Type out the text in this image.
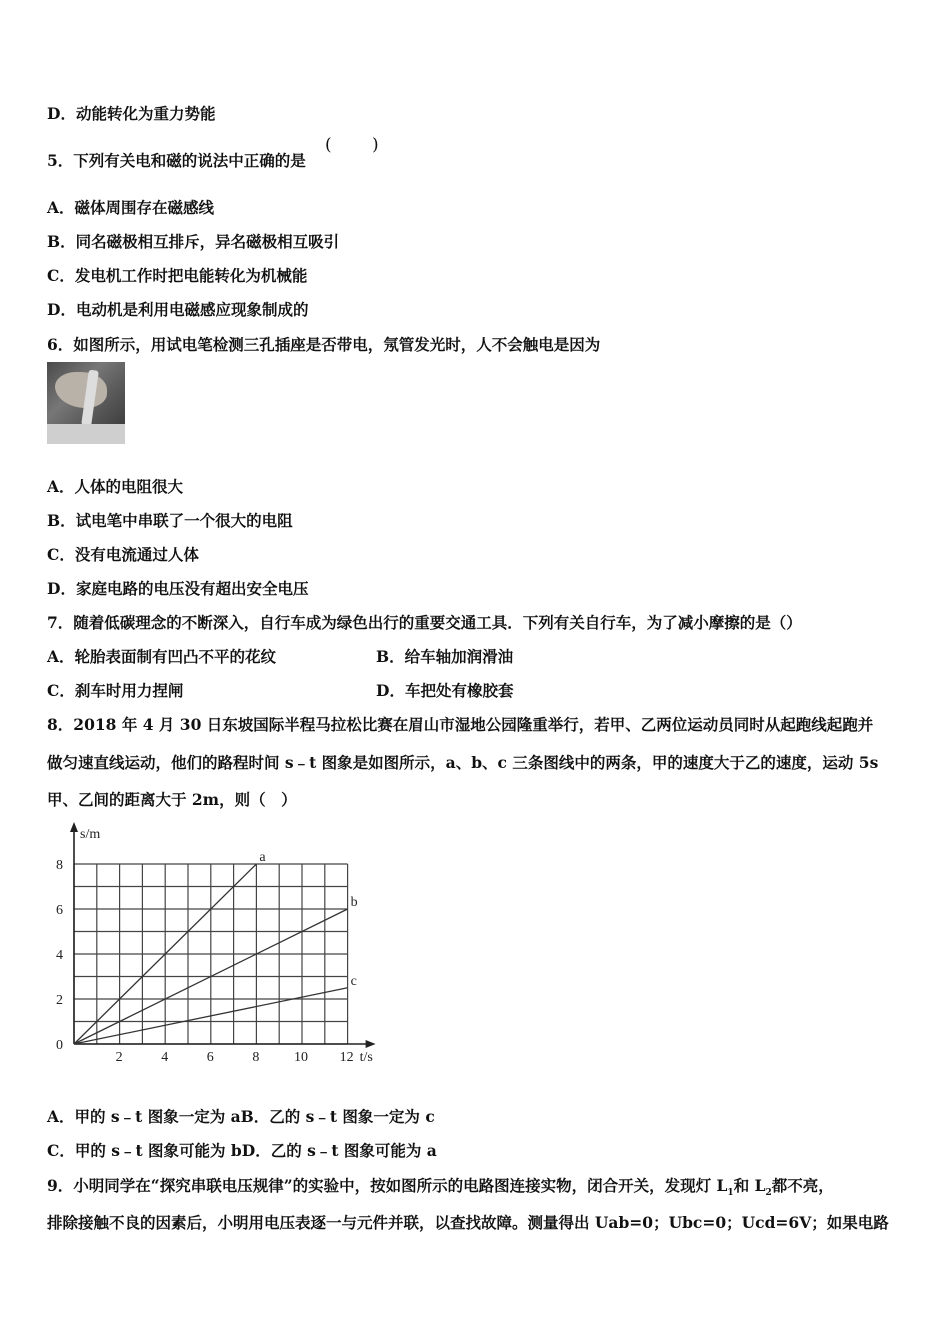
D．动能转化为重力势能
5．下列有关电和磁的说法中正确的是
( )
A．磁体周围存在磁感线
B．同名磁极相互排斥，异名磁极相互吸引
C．发电机工作时把电能转化为机械能
D．电动机是利用电磁感应现象制成的
6．如图所示，用试电笔检测三孔插座是否带电，氖管发光时，人不会触电是因为
A．人体的电阻很大
B．试电笔中串联了一个很大的电阻
C．没有电流通过人体
D．家庭电路的电压没有超出安全电压
7．随着低碳理念的不断深入，自行车成为绿色出行的重要交通工具．下列有关自行车，为了减小摩擦的是（）
A．轮胎表面制有凹凸不平的花纹	B．给车轴加润滑油
C．刹车时用力捏闸	D．车把处有橡胶套
8．2018 年 4 月 30 日东坡国际半程马拉松比赛在眉山市湿地公园隆重举行，若甲、乙两位运动员同时从起跑线起跑并
做匀速直线运动，他们的路程时间 s﹣t 图象是如图所示，a、b、c 三条图线中的两条，甲的速度大于乙的速度，运动 5s
甲、乙间的距离大于 2m，则（　）
s/m
t/s
0
2
4
6
8
2	4	6	8 10 12
a
b
c
A．甲的 s﹣t 图象一定为 aB．乙的 s﹣t 图象一定为 c
C．甲的 s﹣t 图象可能为 bD．乙的 s﹣t 图象可能为 a
9．小明同学在“探究串联电压规律”的实验中，按如图所示的电路图连接实物，闭合开关，发现灯 $L_1$和 $L_2$都不亮，
排除接触不良的因素后，小明用电压表逐一与元件并联，以查找故障。测量得出 Uab=0；Ubc=0；Ucd=6V；如果电路
